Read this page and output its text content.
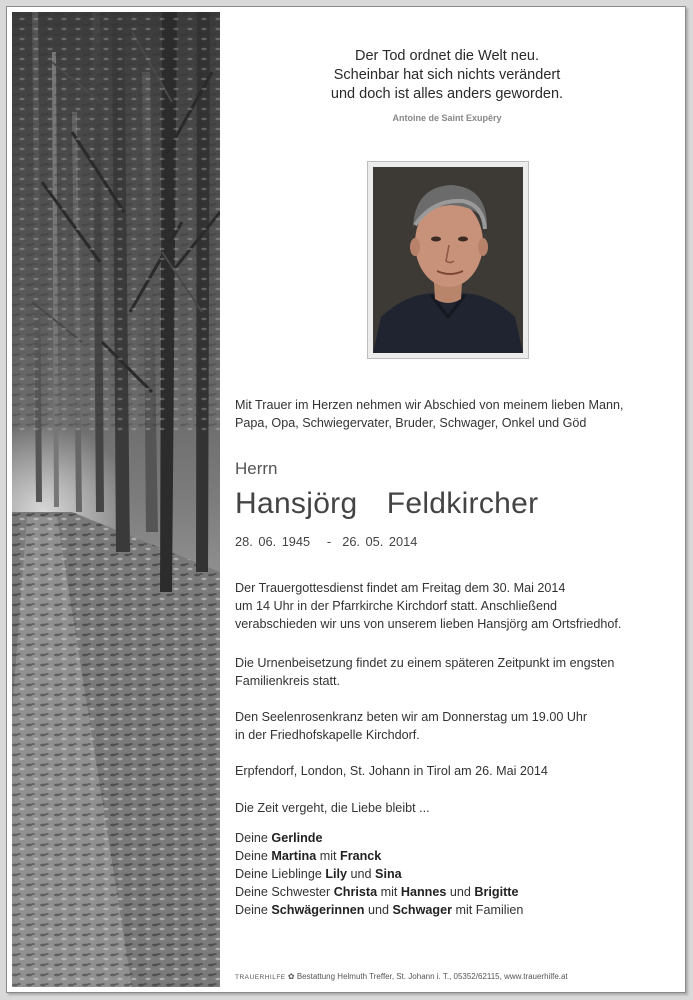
Der Tod ordnet die Welt neu.
Scheinbar hat sich nichts verändert
und doch ist alles anders geworden.
Antoine de Saint Exupêry
Mit Trauer im Herzen nehmen wir Abschied von meinem lieben Mann,
Papa, Opa, Schwiegervater, Bruder, Schwager, Onkel und Göd
Herrn
Hansjörg  Feldkircher
28. 06. 1945   -  26. 05. 2014
Der Trauergottesdienst findet am Freitag dem 30. Mai 2014
um 14 Uhr in der Pfarrkirche Kirchdorf statt. Anschließend
verabschieden wir uns von unserem lieben Hansjörg am Ortsfriedhof.
Die Urnenbeisetzung findet zu einem späteren Zeitpunkt im engsten
Familienkreis statt.
Den Seelenrosenkranz beten wir am Donnerstag um 19.00 Uhr
in der Friedhofskapelle Kirchdorf.
Erpfendorf, London, St. Johann in Tirol am 26. Mai 2014
Die Zeit vergeht, die Liebe bleibt ...
Deine Gerlinde
Deine Martina mit Franck
Deine Lieblinge Lily und Sina
Deine Schwester Christa mit Hannes und Brigitte
Deine Schwägerinnen und Schwager mit Familien
TRAUERHILFE ✿ Bestattung Helmuth Treffer, St. Johann i. T., 05352/62115, www.trauerhilfe.at
